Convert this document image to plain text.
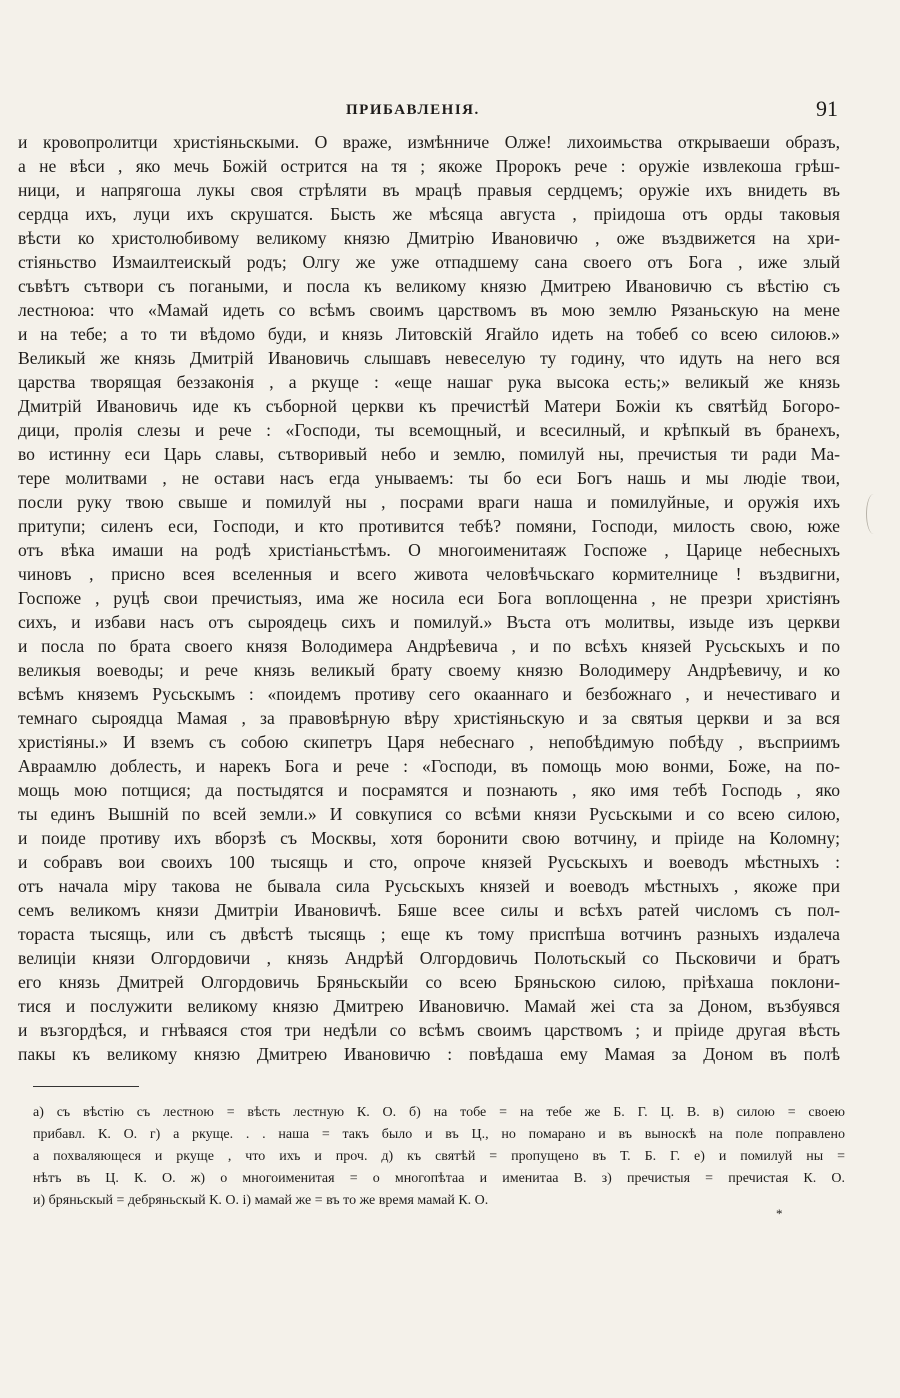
ПРИБАВЛЕНІЯ.	91
и кровопролитци христiяньскыми. О враже, измѣнниче Олже! лихоимьства открываеши образъ,
а не вѣси , яко мечь Божiй острится на тя ; якоже Пророкъ рече : оружiе извлекоша грѣш-
ници, и напрягоша лукы своя стрѣляти въ мрацѣ правыя сердцемъ; оружiе ихъ внидеть въ
сердца ихъ, луци ихъ скрушатся. Бысть же мѣсяца августа , прiидоша отъ орды таковыя
вѣсти ко христолюбивому великому князю Дмитрiю Ивановичю , оже въздвижется на хри-
стiяньство Измаилтеискый родъ; Олгу же уже отпадшему сана своего отъ Бога , иже злый
съвѣтъ сътвори съ погаными, и посла къ великому князю Дмитрею Ивановичю съ вѣстiю съ
лестнoюa: что «Мамай идеть со всѣмъ своимъ царствомъ въ мою землю Рязаньскую на мене
и на тебе; а то ти вѣдомо буди, и князь Литовскiй Ягайло идеть на тобеб со всею силоюв.»
Великый же князь Дмитрiй Ивановичь слышавъ невеселую ту годину, что идуть на него вся
царства творящая беззаконiя , а ркуще : «еще нашаг рука высока есть;» великый же князь
Дмитрiй Ивановичь иде къ съборной церкви къ пречистѣй Матери Божiи къ святѣйд Богоро-
дици, пролiя слезы и рече : «Господи, ты всемощный, и всесилный, и крѣпкый въ бранехъ,
во истинну еси Царь славы, сътворивый небо и землю, помилуй ны, пречистыя ти ради Ма-
тере молитвами , не остави насъ егда унываемъ: ты бо еси Богъ нашь и мы людiе твои,
посли руку твою свыше и помилуй ны , посрами враги наша и помилуйные, и оружiя ихъ
притупи; силенъ еси, Господи, и кто противится тебѣ? помяни, Господи, милость свою, юже
отъ вѣка имаши на родѣ христiаньстѣмъ. О многоименитаяж Госпоже , Царице небесныхъ
чиновъ , присно всея вселенныя и всего живота человѣчьскаго кормителнице ! въздвигни,
Госпоже , руцѣ свои пречистыяз, има же носила еси Бога воплощенна , не презри христiянъ
сихъ, и избави насъ отъ сыроядець сихъ и помилуй.» Въста отъ молитвы, изыде изъ церкви
и посла по брата своего князя Володимера Андрѣевича , и по всѣхъ князей Русьскыхъ и по
великыя воеводы; и рече князь великый брату своему князю Володимеру Андрѣевичу, и ко
всѣмъ княземъ Русьскымъ : «поидемъ противу сего окааннаго и безбожнаго , и нечестиваго и
темнаго сыроядца Мамая , за правовѣрную вѣру христiяньскую и за святыя церкви и за вся
христiяны.» И вземъ съ собою скипетръ Царя небеснаго , непобѣдимую побѣду , въсприимъ
Авраамлю доблесть, и нарекъ Бога и рече : «Господи, въ помощь мою вонми, Боже, на по-
мощь мою потщися; да постыдятся и посрамятся и познають , яко имя тебѣ Господь , яко
ты единъ Вышнiй по всей земли.» И совкупися со всѣми князи Русьскыми и со всею силою,
и поиде противу ихъ вборзѣ съ Москвы, хотя боронити свою вотчину, и прiиде на Коломну;
и собравъ вои своихъ 100 тысящь и сто, опроче князей Русьскыхъ и воеводъ мѣстныхъ :
отъ начала мiру такова не бывала сила Русьскыхъ князей и воеводъ мѣстныхъ , якоже при
семъ великомъ князи Дмитрiи Ивановичѣ. Бяше всее силы и всѣхъ ратей числомъ съ пол-
тораста тысящь, или съ двѣстѣ тысящь ; еще къ тому приспѣша вотчинъ разныхъ издалеча
велицiи князи Олгордовичи , князь Андрѣй Олгордовичь Полотьскый со Пьсковичи и братъ
его князь Дмитрей Олгордовичь Бряньскыйи со всею Бряньскою силою, прiѣхаша поклони-
тися и послужити великому князю Дмитрею Ивановичю. Мамай жеі ста за Доном, възбуявся
и възгордѣся, и гнѣваяся стоя три недѣли со всѣмъ своимъ царствомъ ; и прiиде другая вѣсть
пакы къ великому князю Дмитрею Ивановичю : повѣдаша ему Мамая за Доном въ полѣ
а) съ вѣстiю съ лестною = вѣсть лестную К. О. б) на тобе = на тебе же Б. Г. Ц. В. в) силою = своею
прибавл. К. О. г) а ркуще. . . наша = такъ было и въ Ц., но помарано и въ выноскѣ на поле поправлено
а похваляющеся и ркуще , что ихъ и проч. д) къ святѣй = пропущено въ Т. Б. Г. е) и помилуй ны =
нѣтъ въ Ц. К. О. ж) о многоименитая = о многопѣтаа и именитаа В. з) пречистыя = пречистая К. О.
и) бряньскый = дебряньскый К. О. і) мамай же = въ то же время мамай К. О.
*
